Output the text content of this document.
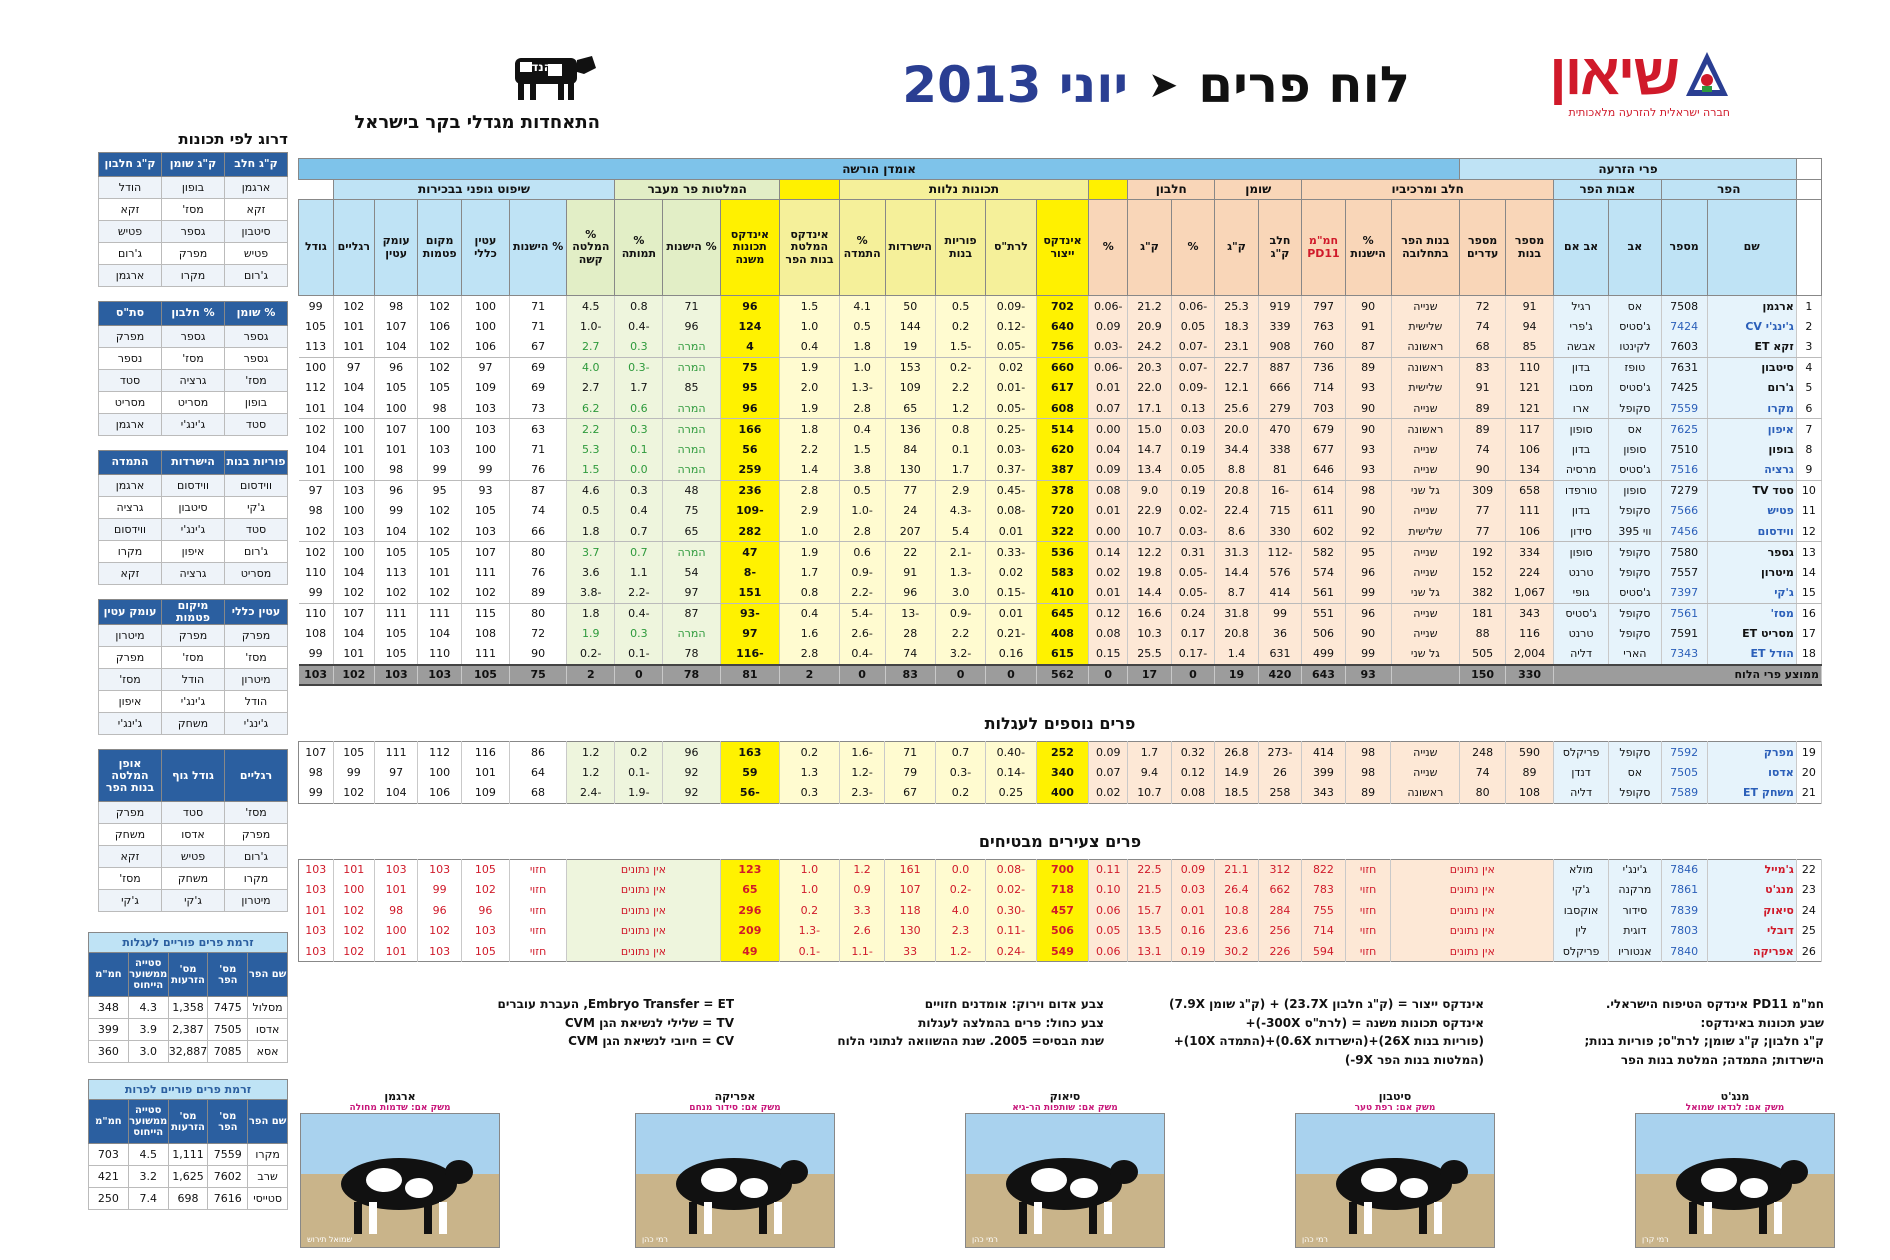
שיאון
חברה ישראלית להזרעה מלאכותית
לוח פרים
➤
יוני 2013
הנדר
התאחדות מגדלי בקר בישראל
	פרי הזרעה						אומדן הורשה																							
	הפר		אבות הפר		חלב ומרכיביו					שומן		חלבון			תכונות נלוות						המלטות פר מעבר			שיפוט גופני בבכירות						
	שם	מספר	אב	אב אם	מספר בנות	מספר עדרים	בנות הפר בתחלובה	% הישנות	חמ"מ PD11	חלב ק"ג	ק"ג	%	ק"ג	%	אינדקס ייצור	לרת"ס	פוריות בנות	הישרדות	% התמדה	אינדקס המלטת בנות הפר	אינדקס תכונות משנה	% הישנות	% תמותה	% המלטה קשה	% הישנות	עטין כללי	מקום פטמות	עומק עטין	רגליים	גודל
1	ארגמן	7508	אס	רגיל	91	72	שנייה	90	797	919	25.3	-0.06	21.2	-0.06	702	-0.09	0.5	50	4.1	1.5	96	71	0.8	4.5	71	100	102	98	102	99
2	ג'ינג'י CV	7424	ג'סטיס	ג'פרי	94	74	שלישית	91	763	339	18.3	0.05	20.9	0.09	640	-0.12	0.2	144	0.5	1.0	124	96	-0.4	-1.0	71	100	106	107	101	105
3	זקא ET	7603	לקינטו	אבשה	85	68	ראשונה	87	760	908	23.1	-0.07	24.2	-0.03	756	-0.05	-1.5	19	1.8	0.4	4	המרה	0.3	2.7	67	106	102	104	101	113
4	סיטבון	7631	טופז	בדון	110	83	ראשונה	89	736	887	22.7	-0.07	20.3	-0.06	660	0.02	-0.2	153	1.0	1.9	75	המרה	-0.3	4.0	69	97	102	96	97	100
5	ג'רום	7425	ג'סטיס	מסבו	121	91	שלישית	93	714	666	12.1	-0.09	22.0	0.01	617	-0.01	2.2	109	-1.3	2.0	95	85	1.7	2.7	69	109	105	105	104	112
6	מקרו	7559	סקופל	ארו	121	89	שנייה	90	703	279	25.6	0.13	17.1	0.07	608	-0.05	1.2	65	2.8	1.9	96	המרה	0.6	6.2	73	103	98	100	104	101
7	איפון	7625	אס	סופון	117	89	ראשונה	90	679	470	20.0	0.03	15.0	0.00	514	-0.25	0.8	136	0.4	1.8	166	המרה	0.3	2.2	63	103	100	107	100	102
8	בופון	7510	סופון	בדון	106	74	שנייה	93	677	338	34.4	0.19	14.7	0.04	620	-0.03	0.1	84	1.5	2.2	56	המרה	0.1	5.3	71	100	103	101	101	104
9	גרציה	7516	ג'סטיס	מרסיה	134	90	שנייה	93	646	81	8.8	0.05	13.4	0.09	387	-0.37	1.7	130	3.8	1.4	259	המרה	0.0	1.5	76	99	99	98	100	101
10	סטד TV	7279	סופון	טורפדו	658	309	גל שני	98	614	-16	20.8	0.19	9.0	0.08	378	-0.45	2.9	77	0.5	2.8	236	48	0.3	4.6	87	93	95	96	103	97
11	פטיש	7566	סקופל	בדון	111	77	שנייה	90	611	715	22.4	-0.02	22.9	0.01	720	-0.08	-4.3	24	-1.0	2.9	-109	75	0.4	0.5	74	105	102	99	100	98
12	ווידסום	7456	ווי 395	סידון	106	77	שלישית	92	602	330	8.6	-0.03	10.7	0.00	322	0.01	5.4	207	2.8	1.0	282	65	0.7	1.8	66	103	102	104	103	102
13	גספר	7580	סקופל	סופון	334	192	שנייה	95	582	-112	31.3	0.31	12.2	0.14	536	-0.33	-2.1	22	0.6	1.9	47	המרה	0.7	3.7	80	107	105	105	100	102
14	מיטרון	7557	סקופל	טרנט	224	152	שנייה	96	574	576	14.4	-0.05	19.8	0.02	583	0.02	-1.3	91	-0.9	1.7	-8	54	1.1	3.6	76	111	101	113	104	110
15	ג'קי	7397	ג'סטיס	גופי	1,067	382	גל שני	99	561	414	8.7	-0.05	14.4	0.01	410	-0.15	3.0	96	-2.2	0.8	151	97	-2.2	-3.8	89	102	102	102	102	99
16	מסז'	7561	סקופל	ג'סטיס	343	181	שנייה	96	551	99	31.8	0.24	16.6	0.12	645	0.01	-0.9	-13	-5.4	0.4	-93	87	-0.4	1.8	80	115	111	111	107	110
17	מסריט ET	7591	סקופל	טרנט	116	88	שנייה	90	506	36	20.8	0.17	10.3	0.08	408	-0.21	2.2	28	-2.6	1.6	97	המרה	0.3	1.9	72	108	104	105	104	108
18	הודל ET	7343	הארי	דליה	2,004	505	גל שני	99	499	631	1.4	-0.17	25.5	0.15	615	0.16	-3.2	74	-0.4	2.8	-116	78	-0.1	-0.2	90	111	110	105	101	99
ממוצע פרי הלוח					330	150		93	643	420	19	0	17	0	562	0	0	83	0	2	81	78	0	2	75	105	103	103	102	103
פרים נוספים לעגלות
19	מפרק	7592	סקופל	פריקלס	590	248	שנייה	98	414	-273	26.8	0.32	1.7	0.09	252	-0.40	0.7	71	-1.6	0.2	163	96	0.2	1.2	86	116	112	111	105	107
20	אדסו	7505	אס	דנדן	89	74	שנייה	98	399	26	14.9	0.12	9.4	0.07	340	-0.14	-0.3	79	-1.2	1.3	59	92	-0.1	1.2	64	101	100	97	99	98
21	משחק ET	7589	סקופל	דליה	108	80	ראשונה	89	343	258	18.5	0.08	10.7	0.02	400	0.25	0.2	67	-2.3	0.3	-56	92	-1.9	-2.4	68	109	106	104	102	99
פרים צעירים מבטיחים
22	ג'מייל	7846	ג'ינג'י	מולא	אין נתונים	חזוי	822	312	21.1	0.09	22.5	0.11	700	-0.08	0.0	161	1.2	1.0	123	אין נתונים	חזוי	105	103	103	101	103
23	מנג'ט	7861	מרקנה	ג'קי	אין נתונים	חזוי	783	662	26.4	0.03	21.5	0.10	718	-0.02	-0.2	107	0.9	1.0	65	אין נתונים	חזוי	102	99	101	100	103
24	סיאוק	7839	סידור	אוקסבו	אין נתונים	חזוי	755	284	10.8	0.01	15.7	0.06	457	-0.30	4.0	118	3.3	0.2	296	אין נתונים	חזוי	96	96	98	102	101
25	דובלי	7803	דוגית	לין	אין נתונים	חזוי	714	256	23.6	0.16	13.5	0.05	506	-0.11	2.3	130	2.6	-1.3	209	אין נתונים	חזוי	103	102	100	102	103
26	אפריקה	7840	אנטוריו	פריקלס	אין נתונים	חזוי	594	226	30.2	0.19	13.1	0.06	549	-0.24	-1.2	33	-1.1	-0.1	49	אין נתונים	חזוי	105	103	101	102	103
דרוג לפי תכונות
ק"ג חלב	ק"ג שומן	ק"ג חלבון
ארגמן	בופון	הודל
זקא	מסז'	זקא
סיטבון	גספר	פטיש
פטיש	מפרק	ג'רום
ג'רום	מקרו	ארגמן
% שומן	% חלבון	סת"ס
גספר	גספר	מפרק
גספר	מסז'	נספר
מסז'	גרציה	סטד
בופון	מסריט	מסריט
סטד	ג'ינג'י	ארגמן
פוריות בנות	הישרדות	התמדה
ווידסום	ווידסום	ארגמן
ג'קי	סיטבון	גרציה
סטד	ג'ינג'י	ווידסום
ג'רום	איפון	מקרו
מסריט	גרציה	זקא
עטין כללי	מיקום פטמות	עומק עטין
מפרק	מפרק	מיטרון
מסז'	מסז'	מפרק
מיטרון	הודל	מסז'
הודל	ג'ינג'י	איפון
ג'ינג'י	משחק	ג'ינג'י
רגליים	גודל גוף	אופן המלטה בנות הפר
מסז'	סטד	מפרק
מפרק	אדסו	משחק
ג'רום	פטיש	זקא
מקרו	משחק	מסז'
מיטרון	ג'קי	ג'קי
זרמת פרים פוריים לעגלות				
שם הפר	מס' הפר	מס' הזרעות	סטייה ממשוער הייחוס	חמ"מ
מסלול	7475	1,358	4.3	348
אדסו	7505	2,387	3.9	399
אסא	7085	32,887	3.0	360
זרמת פרים פוריים לפרות				
שם הפר	מס' הפר	מס' הזרעות	סטייה ממשוער הייחוס	חמ"מ
מקרו	7559	1,111	4.5	703
שרב	7602	1,625	3.2	421
סטייסי	7616	698	7.4	250
חמ"מ PD11 אינדקס הטיפוח הישראלי.
שבע תכונות באינדקס:
ק"ג חלבון; ק"ג שומן; לרת"ס; פוריות בנות;
הישרדות; התמדה; המלטת בנות הפר
אינדקס ייצור = (ק"ג חלבון 23.7X) + (ק"ג שומן 7.9X)
אינדקס תכונות משנה = (לרת"ס 300X-)+
(פוריות בנות 26X)+(הישרדות 0.6X)+(התמדה 10X)+
(המלטות בנות הפר 9X-)
צבע אדום וירוק: אומדנים חזויים
צבע כחול: פרים בהמלצה לעגלות
שנת הבסיס= 2005. שנת ההשוואה לנתוני הלוח
Embryo Transfer = ET, העברת עוברים
TV = שלילי לנשיאת הגן CVM
CV = חיובי לנשיאת הגן CVM
מנג'ט
משק אם: לנדאו שמואל
רמי קרן
סיטבון
משק אם: רפת טער
רמי כהן
סיאוק
משק אם: שותפות הר-גיא
רמי כהן
אפריקה
משק אם: סידור מנחם
רמי כהן
ארגמן
משק אם: שדמות מחולה
שמואל תירוש
